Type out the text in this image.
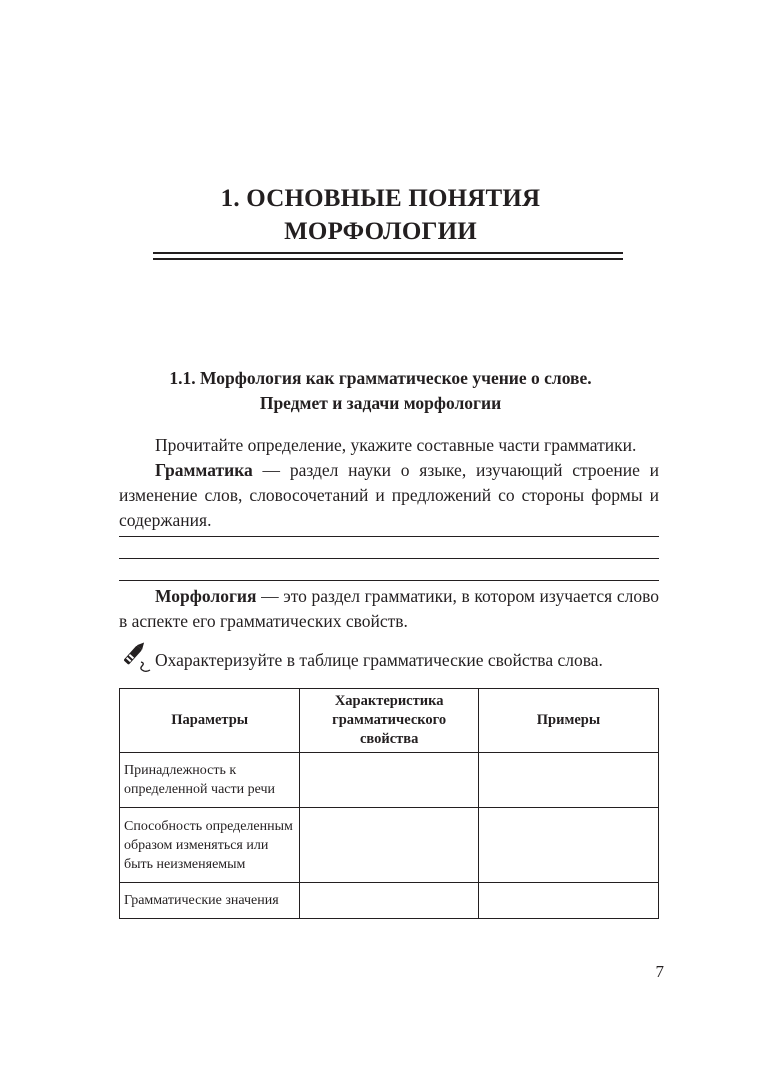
1. ОСНОВНЫЕ ПОНЯТИЯ
МОРФОЛОГИИ
1.1. Морфология как грамматическое учение о слове.
Предмет и задачи морфологии
Прочитайте определение, укажите составные части грамматики.
Грамматика — раздел науки о языке, изучающий строение и изменение слов, словосочетаний и предложений со стороны формы и содержания.
Морфология — это раздел грамматики, в котором изучается слово в аспекте его грамматических свойств.
Охарактеризуйте в таблице грамматические свойства слова.
Параметры	Характеристика грамматического свойства	Примеры
Принадлежность к определенной части речи		
Способность определенным образом изменяться или быть неизменяемым		
Грамматические значения		
7
